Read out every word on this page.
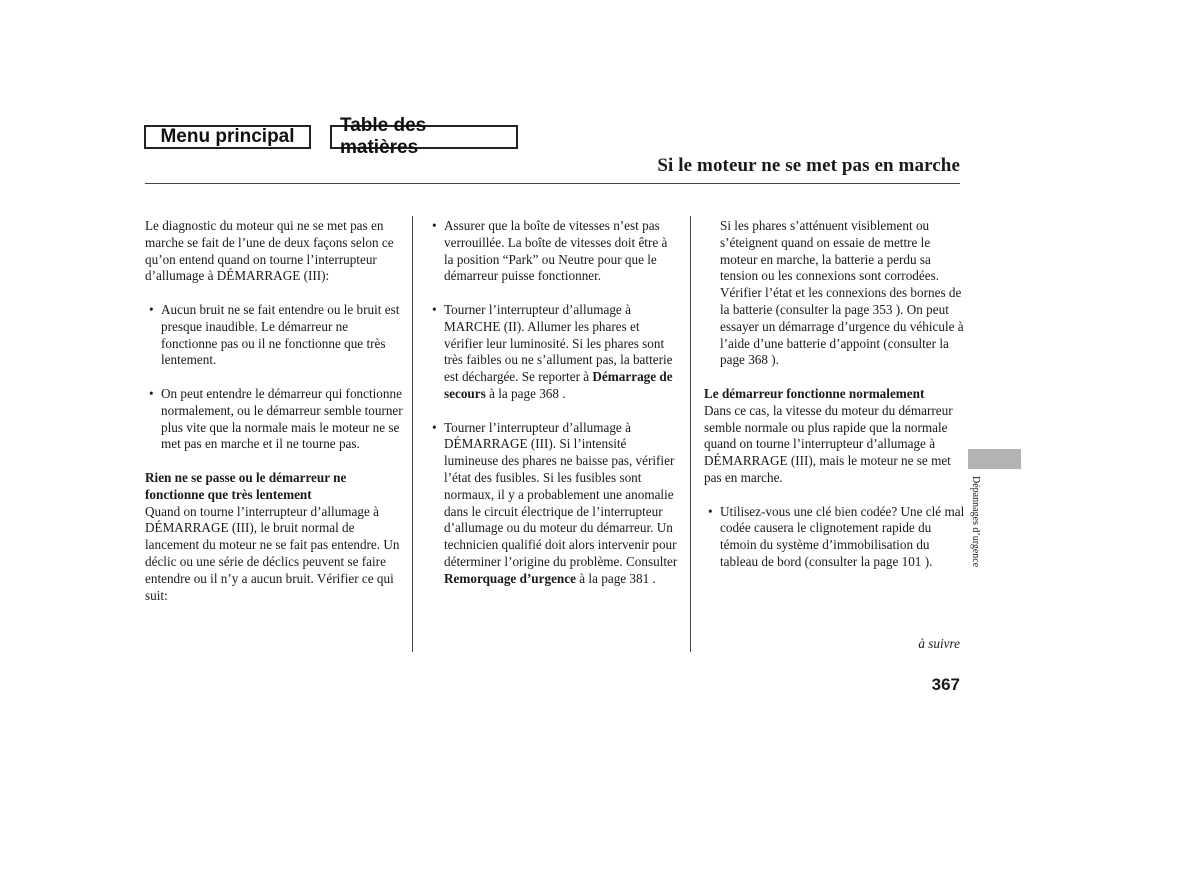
Menu principal
Table des matières
Si le moteur ne se met pas en marche

Le diagnostic du moteur qui ne se met pas en marche se fait de l’une de deux façons selon ce qu’on entend quand on tourne l’interrupteur d’allumage à DÉMARRAGE (III):

• Aucun bruit ne se fait entendre ou le bruit est presque inaudible. Le démarreur ne fonctionne pas ou il ne fonctionne que très lentement.
• On peut entendre le démarreur qui fonctionne normalement, ou le démarreur semble tourner plus vite que la normale mais le moteur ne se met pas en marche et il ne tourne pas.
Rien ne se passe ou le démarreur ne fonctionne que très lentement

Quand on tourne l’interrupteur d’allumage à DÉMARRAGE (III), le bruit normal de lancement du moteur ne se fait pas entendre. Un déclic ou une série de déclics peuvent se faire entendre ou il n’y a aucun bruit. Vérifier ce qui suit:

• Assurer que la boîte de vitesses n’est pas verrouillée. La boîte de vitesses doit être à la position “Park” ou Neutre pour que le démarreur puisse fonctionner.
• Tourner l’interrupteur d’allumage à MARCHE (II). Allumer les phares et vérifier leur luminosité. Si les phares sont très faibles ou ne s’allument pas, la batterie est déchargée. Se reporter à Démarrage de secours à la page 368 .
• Tourner l’interrupteur d’allumage à DÉMARRAGE (III). Si l’intensité lumineuse des phares ne baisse pas, vérifier l’état des fusibles. Si les fusibles sont normaux, il y a probablement une anomalie dans le circuit électrique de l’interrupteur d’allumage ou du moteur du démarreur. Un technicien qualifié doit alors intervenir pour déterminer l’origine du problème. Consulter Remorquage d’urgence à la page 381 .

Si les phares s’atténuent visiblement ou s’éteignent quand on essaie de mettre le moteur en marche, la batterie a perdu sa tension ou les connexions sont corrodées. Vérifier l’état et les connexions des bornes de la batterie (consulter la page 353 ). On peut essayer un démarrage d’urgence du véhicule à l’aide d’une batterie d’appoint (consulter la page 368 ).

Le démarreur fonctionne normalement

Dans ce cas, la vitesse du moteur du démarreur semble normale ou plus rapide que la normale quand on tourne l’interrupteur d’allumage à DÉMARRAGE (III), mais le moteur ne se met pas en marche.

• Utilisez-vous une clé bien codée? Une clé mal codée causera le clignotement rapide du témoin du système d’immobilisation du tableau de bord (consulter la page 101 ).	Dépannages d’urgence
à suivre
367
